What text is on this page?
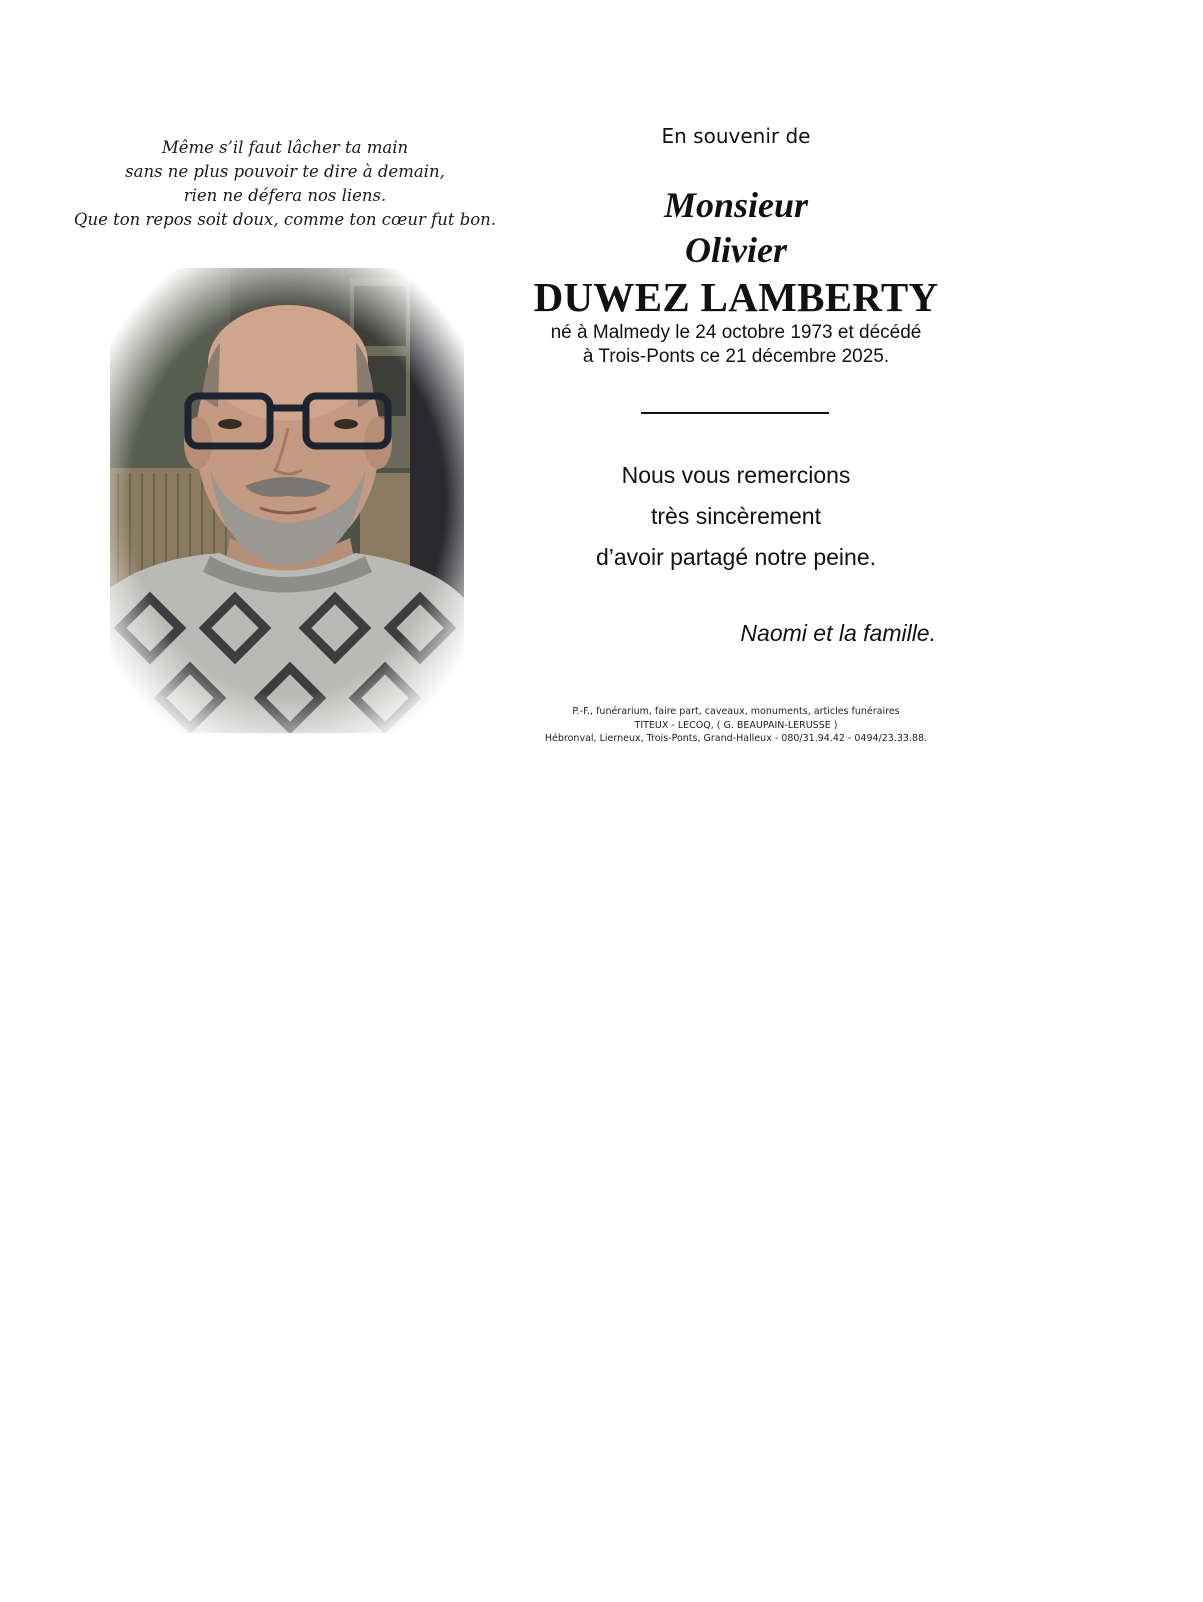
Même s’il faut lâcher ta main
sans ne plus pouvoir te dire à demain,
rien ne défera nos liens.
Que ton repos soit doux, comme ton cœur fut bon.
En souvenir de
Monsieur
Olivier
DUWEZ LAMBERTY
né à Malmedy le 24 octobre 1973 et décédé
à Trois-Ponts ce 21 décembre 2025.
Nous vous remercions
très sincèrement
d’avoir partagé notre peine.
Naomi et la famille.
P.-F., funérarium, faire part, caveaux, monuments, articles funéraires
TITEUX - LECOQ, ( G. BEAUPAIN-LERUSSE )
Hébronval, Lierneux, Trois-Ponts, Grand-Halleux - 080/31.94.42 - 0494/23.33.88.
